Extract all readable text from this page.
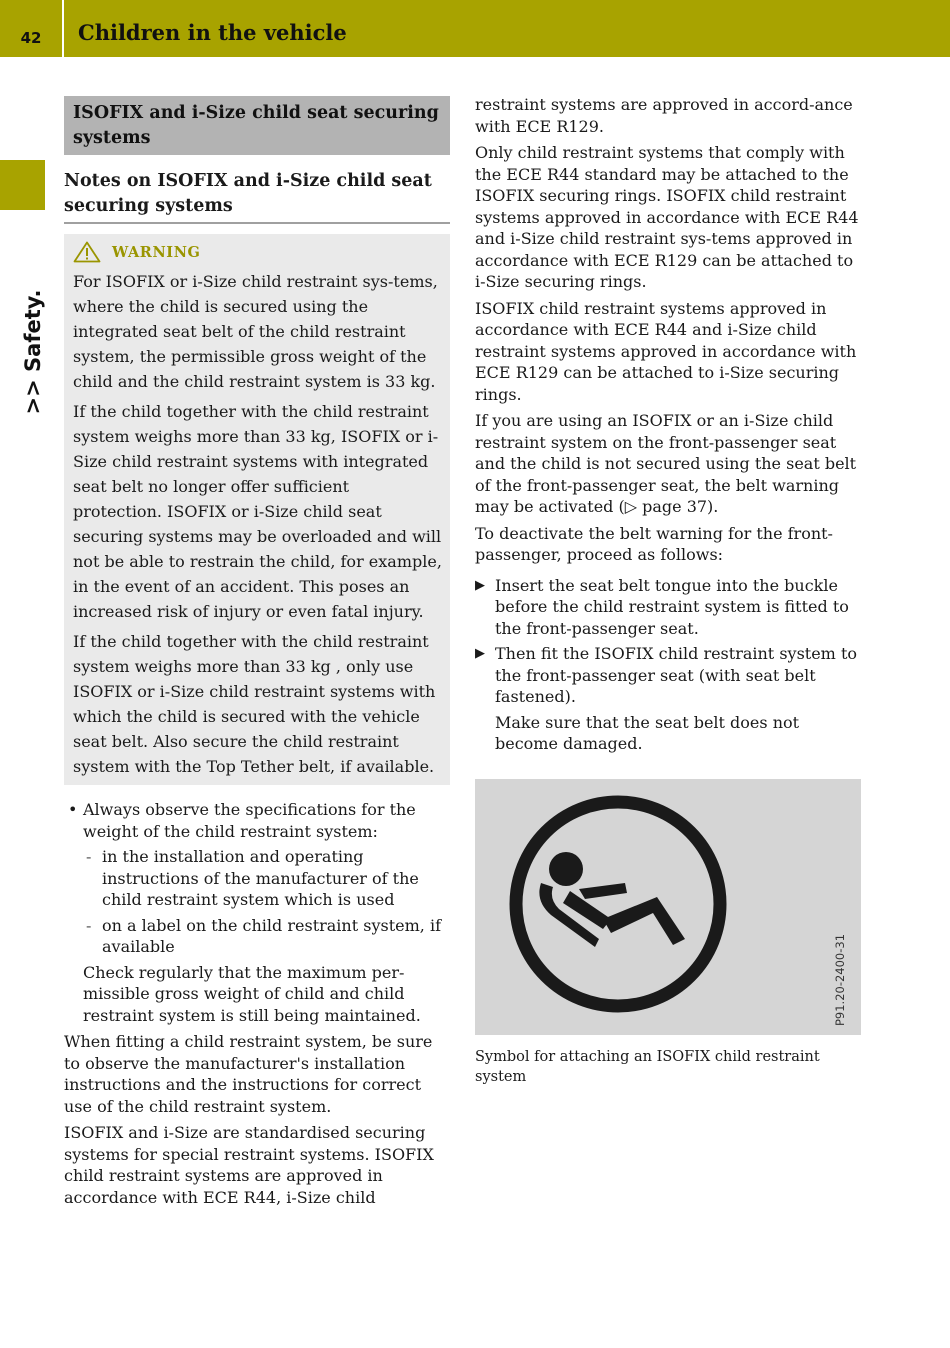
42	Children in the vehicle
>> Safety.
ISOFIX and i-Size child seat securing systems
Notes on ISOFIX and i-Size child seat securing systems
WARNING

For ISOFIX or i-Size child restraint sys-tems, where the child is secured using the integrated seat belt of the child restraint system, the permissible gross weight of the child and the child restraint system is 33 kg.

If the child together with the child restraint system weighs more than 33 kg, ISOFIX or i-Size child restraint systems with integrated seat belt no longer offer sufficient protection. ISOFIX or i-Size child seat securing systems may be overloaded and will not be able to restrain the child, for example, in the event of an accident. This poses an increased risk of injury or even fatal injury.

If the child together with the child restraint system weighs more than 33 kg , only use ISOFIX or i-Size child restraint systems with which the child is secured with the vehicle seat belt. Also secure the child restraint system with the Top Tether belt, if available.

• Always observe the specifications for the weight of the child restraint system:
- in the installation and operating instructions of the manufacturer of the child restraint system which is used
- on a label on the child restraint system, if available

Check regularly that the maximum per-missible gross weight of child and child restraint system is still being maintained.

When fitting a child restraint system, be sure to observe the manufacturer's installation instructions and the instructions for correct use of the child restraint system.

ISOFIX and i-Size are standardised securing systems for special restraint systems. ISOFIX child restraint systems are approved in accordance with ECE R44, i-Size child

restraint systems are approved in accord-ance with ECE R129.

Only child restraint systems that comply with the ECE R44 standard may be attached to the ISOFIX securing rings. ISOFIX child restraint systems approved in accordance with ECE R44 and i-Size child restraint sys-tems approved in accordance with ECE R129 can be attached to i-Size securing rings.

ISOFIX child restraint systems approved in accordance with ECE R44 and i-Size child restraint systems approved in accordance with ECE R129 can be attached to i-Size securing rings.

If you are using an ISOFIX or an i-Size child restraint system on the front-passenger seat and the child is not secured using the seat belt of the front-passenger seat, the belt warning may be activated (▷ page 37).

To deactivate the belt warning for the front-passenger, proceed as follows:

▶ Insert the seat belt tongue into the buckle before the child restraint system is fitted to the front-passenger seat.
▶ Then fit the ISOFIX child restraint system to the front-passenger seat (with seat belt fastened).

Make sure that the seat belt does not become damaged.

Symbol for attaching an ISOFIX child restraint system

P91.20-2400-31
